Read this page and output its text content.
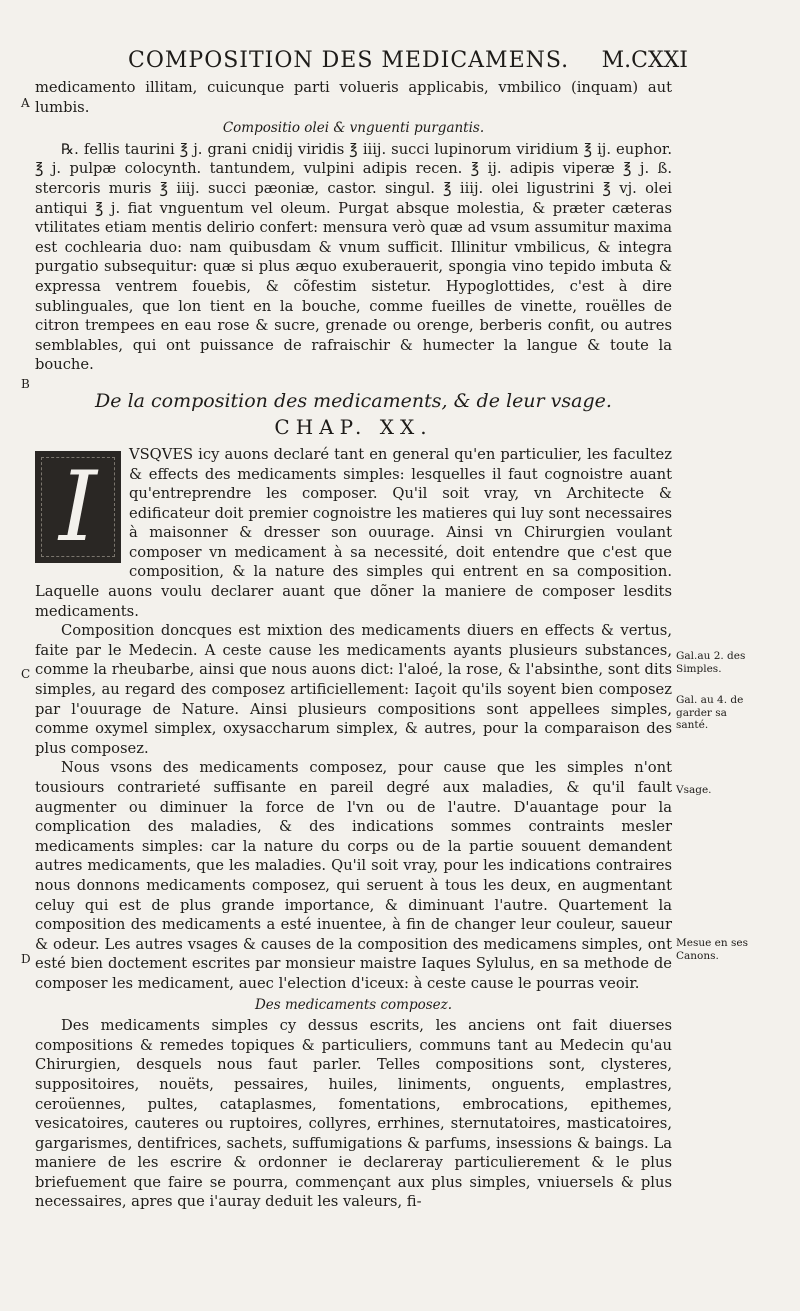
COMPOSITION DES MEDICAMENS. M.CXXI
A
B
C
D
Gal.au 2. des Simples.
Gal. au 4. de garder sa santé.
Vsage.
Mesue en ses Canons.

medicamento illitam, cuicunque parti volueris applicabis, vmbilico (inquam) aut lumbis.

Compositio olei & vnguenti purgantis.

℞. fellis taurini ℥ j. grani cnidij viridis ℥ iiij. succi lupinorum viridium ℥ ij. euphor. ℥ j. pulpæ colocynth. tantundem, vulpini adipis recen. ℥ ij. adipis viperæ ℥ j. ß. stercoris muris ℥ iiij. succi pæoniæ, castor. singul. ℥ iiij. olei ligustrini ℥ vj. olei antiqui ℥ j. fiat vnguentum vel oleum. Purgat absque molestia, & præter cæteras vtilitates etiam mentis delirio confert: mensura verò quæ ad vsum assumitur maxima est cochlearia duo: nam quibusdam & vnum sufficit. Illinitur vmbilicus, & integra purgatio subsequitur: quæ si plus æquo exuberauerit, spongia vino tepido imbuta & expressa ventrem fouebis, & cõfestim sistetur. Hypoglottides, c'est à dire sublinguales, que lon tient en la bouche, comme fueilles de vinette, rouëlles de citron trempees en eau rose & sucre, grenade ou orenge, berberis confit, ou autres semblables, qui ont puissance de rafraischir & humecter la langue & toute la bouche.

De la composition des medicaments, & de leur vsage.
CHAP. XX.
I	VSQVES icy auons declaré tant en general qu'en particulier, les facultez & effects des medicaments simples: lesquelles il faut cognoistre auant qu'entreprendre les composer. Qu'il soit vray, vn Architecte & edificateur doit premier cognoistre les matieres qui luy sont necessaires à maisonner & dresser son ouurage. Ainsi vn Chirurgien voulant composer vn medicament à sa necessité, doit entendre que c'est que composition, & la nature des simples qui entrent en sa composition. Laquelle auons voulu declarer auant que dõner la maniere de composer lesdits medicaments.

Composition doncques est mixtion des medicaments diuers en effects & vertus, faite par le Medecin. A ceste cause les medicaments ayants plusieurs substances, comme la rheubarbe, ainsi que nous auons dict: l'aloé, la rose, & l'absinthe, sont dits simples, au regard des composez artificiellement: Iaçoit qu'ils soyent bien composez par l'ouurage de Nature. Ainsi plusieurs compositions sont appellees simples, comme oxymel simplex, oxysaccharum simplex, & autres, pour la comparaison des plus composez.

Nous vsons des medicaments composez, pour cause que les simples n'ont tousiours contrarieté suffisante en pareil degré aux maladies, & qu'il fault augmenter ou diminuer la force de l'vn ou de l'autre. D'auantage pour la complication des maladies, & des indications sommes contraints mesler medicaments simples: car la nature du corps ou de la partie souuent demandent autres medicaments, que les maladies. Qu'il soit vray, pour les indications contraires nous donnons medicaments composez, qui seruent à tous les deux, en augmentant celuy qui est de plus grande importance, & diminuant l'autre. Quartement la composition des medicaments a esté inuentee, à fin de changer leur couleur, saueur & odeur. Les autres vsages & causes de la composition des medicamens simples, ont esté bien doctement escrites par monsieur maistre Iaques Sylulus, en sa methode de composer les medicament, auec l'election d'iceux: à ceste cause le pourras veoir.

Des medicaments composez.

Des medicaments simples cy dessus escrits, les anciens ont fait diuerses compositions & remedes topiques & particuliers, communs tant au Medecin qu'au Chirurgien, desquels nous faut parler. Telles compositions sont, clysteres, suppositoires, nouëts, pessaires, huiles, liniments, onguents, emplastres, ceroüennes, pultes, cataplasmes, fomentations, embrocations, epithemes, vesicatoires, cauteres ou ruptoires, collyres, errhines, sternutatoires, masticatoires, gargarismes, dentifrices, sachets, suffumigations & parfums, insessions & baings. La maniere de les escrire & ordonner ie declareray particulierement & le plus briefuement que faire se pourra, commençant aux plus simples, vniuersels & plus necessaires, apres que i'auray deduit les valeurs, fi-
